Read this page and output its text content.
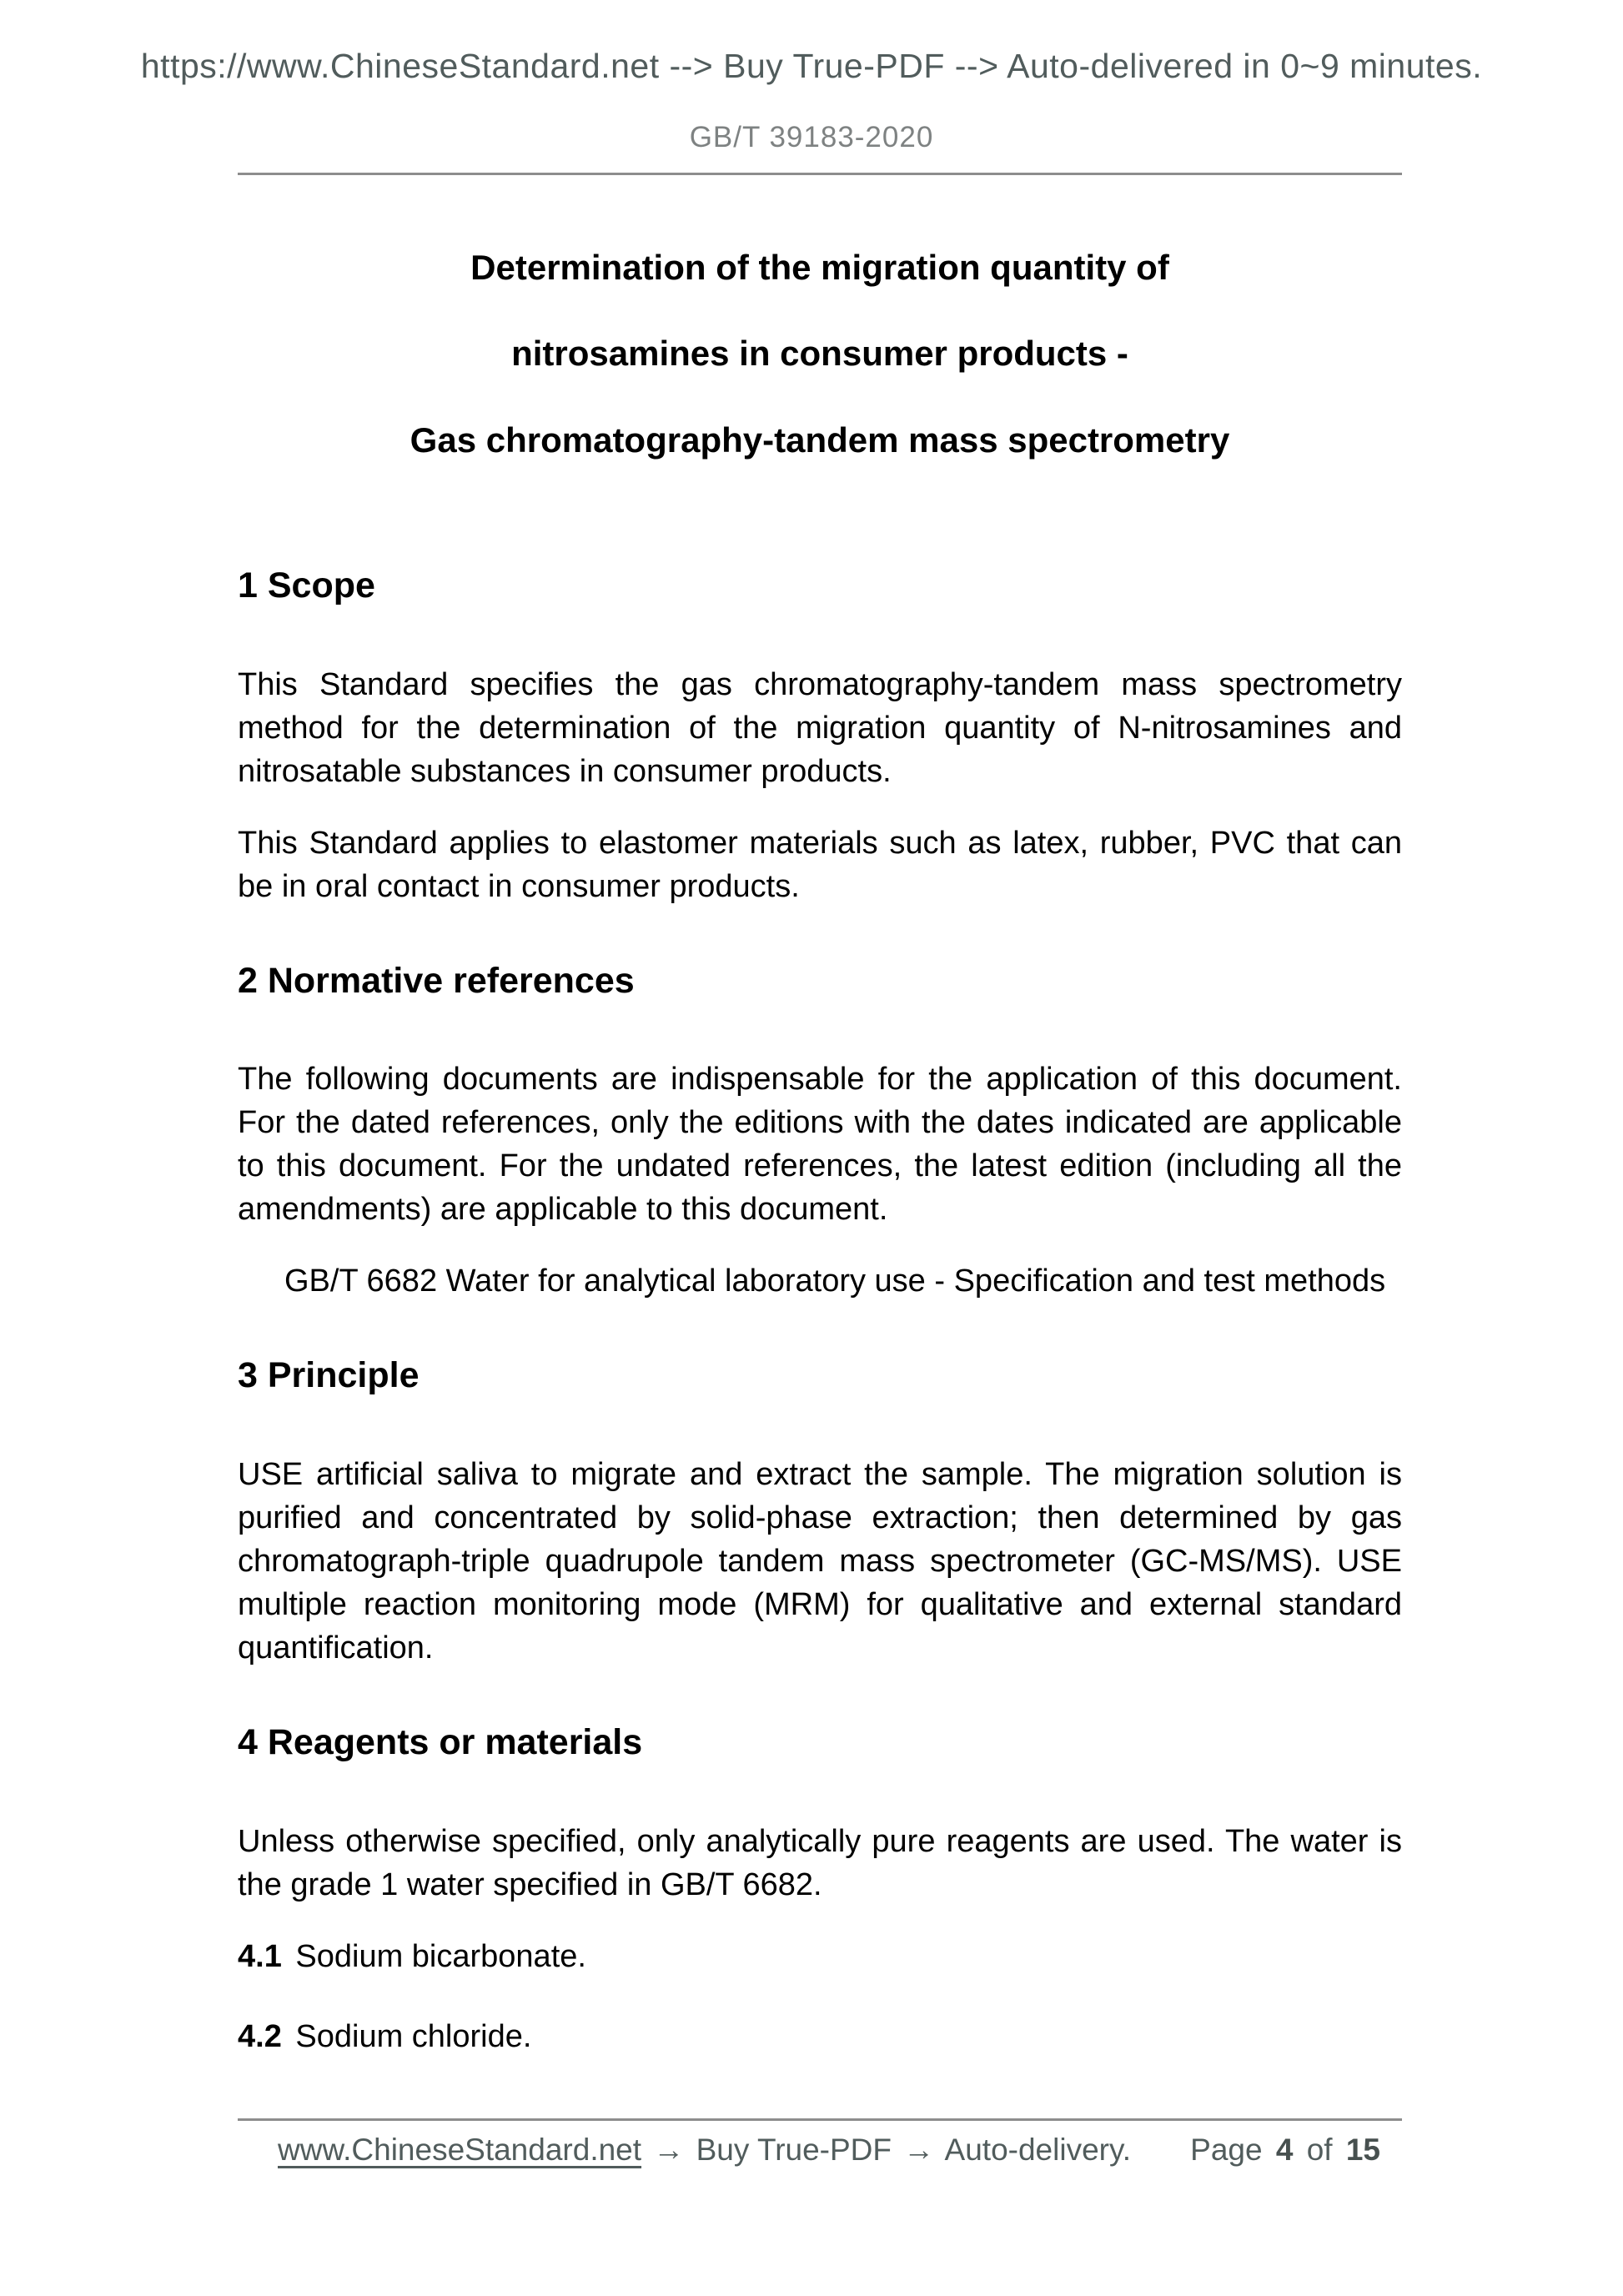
https://www.ChineseStandard.net --> Buy True-PDF --> Auto-delivered in 0~9 minutes.
GB/T 39183-2020
Determination of the migration quantity of
nitrosamines in consumer products -
Gas chromatography-tandem mass spectrometry
1 Scope

This Standard specifies the gas chromatography-tandem mass spectrometry method for the determination of the migration quantity of N-nitrosamines and nitrosatable substances in consumer products.

This Standard applies to elastomer materials such as latex, rubber, PVC that can be in oral contact in consumer products.

2 Normative references

The following documents are indispensable for the application of this document. For the dated references, only the editions with the dates indicated are applicable to this document. For the undated references, the latest edition (including all the amendments) are applicable to this document.

GB/T 6682 Water for analytical laboratory use - Specification and test methods

3 Principle

USE artificial saliva to migrate and extract the sample. The migration solution is purified and concentrated by solid-phase extraction; then determined by gas chromatograph-triple quadrupole tandem mass spectrometer (GC-MS/MS). USE multiple reaction monitoring mode (MRM) for qualitative and external standard quantification.

4 Reagents or materials

Unless otherwise specified, only analytically pure reagents are used. The water is the grade 1 water specified in GB/T 6682.

4.1 Sodium bicarbonate.

4.2 Sodium chloride.

www.ChineseStandard.net → Buy True-PDF → Auto-delivery. Page 4 of 15
